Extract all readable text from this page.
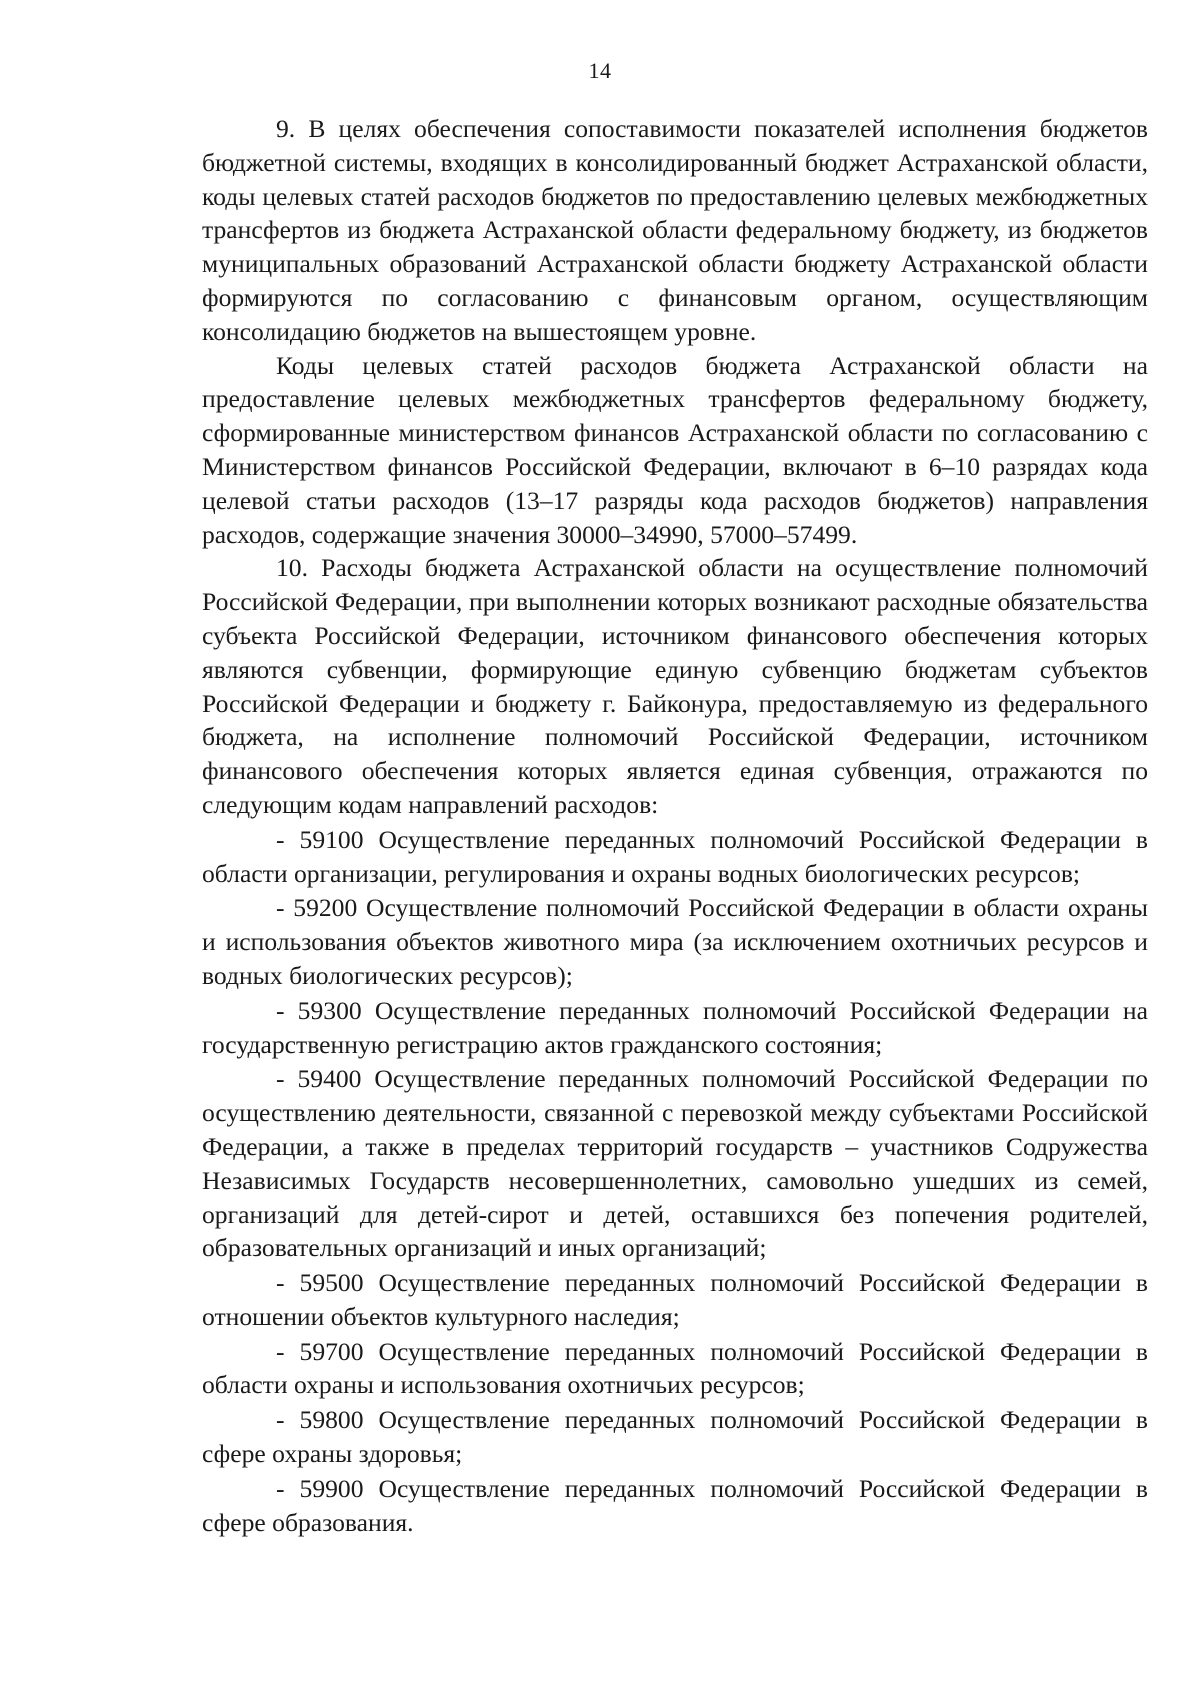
14

9. В целях обеспечения сопоставимости показателей исполнения бюджетов бюджетной системы, входящих в консолидированный бюджет Астраханской области, коды целевых статей расходов бюджетов по предоставлению целевых межбюджетных трансфертов из бюджета Астраханской области федеральному бюджету, из бюджетов муниципальных образований Астраханской области бюджету Астраханской области формируются по согласованию с финансовым органом, осуществляющим консолидацию бюджетов на вышестоящем уровне.

Коды целевых статей расходов бюджета Астраханской области на предоставление целевых межбюджетных трансфертов федеральному бюджету, сформированные министерством финансов Астраханской области по согласованию с Министерством финансов Российской Федерации, включают в 6–10 разрядах кода целевой статьи расходов (13–17 разряды кода расходов бюджетов) направления расходов, содержащие значения 30000–34990, 57000–57499.

10. Расходы бюджета Астраханской области на осуществление полномочий Российской Федерации, при выполнении которых возникают расходные обязательства субъекта Российской Федерации, источником финансового обеспечения которых являются субвенции, формирующие единую субвенцию бюджетам субъектов Российской Федерации и бюджету г. Байконура, предоставляемую из федерального бюджета, на исполнение полномочий Российской Федерации, источником финансового обеспечения которых является единая субвенция, отражаются по следующим кодам направлений расходов:

- 59100 Осуществление переданных полномочий Российской Федерации в области организации, регулирования и охраны водных биологических ресурсов;

- 59200 Осуществление полномочий Российской Федерации в области охраны и использования объектов животного мира (за исключением охотничьих ресурсов и водных биологических ресурсов);

- 59300 Осуществление переданных полномочий Российской Федерации на государственную регистрацию актов гражданского состояния;

- 59400 Осуществление переданных полномочий Российской Федерации по осуществлению деятельности, связанной с перевозкой между субъектами Российской Федерации, а также в пределах территорий государств – участников Содружества Независимых Государств несовершеннолетних, самовольно ушедших из семей, организаций для детей-сирот и детей, оставшихся без попечения родителей, образовательных организаций и иных организаций;

- 59500 Осуществление переданных полномочий Российской Федерации в отношении объектов культурного наследия;

- 59700 Осуществление переданных полномочий Российской Федерации в области охраны и использования охотничьих ресурсов;

- 59800 Осуществление переданных полномочий Российской Федерации в сфере охраны здоровья;

- 59900 Осуществление переданных полномочий Российской Федерации в сфере образования.
